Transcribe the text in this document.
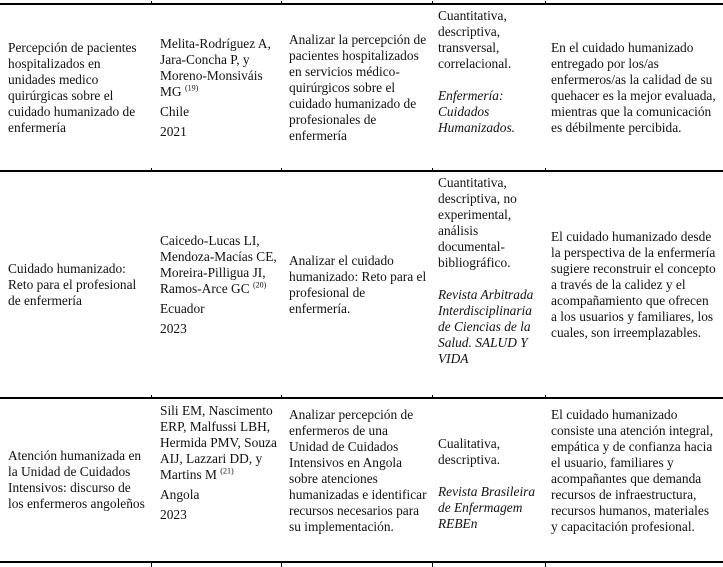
Percepción de pacientes hospitalizados en unidades medico quirúrgicas sobre el cuidado humanizado de enfermería

Melita-Rodríguez A, Jara-Concha P, y Moreno-Monsiváis MG $^{(19)}$

Chile

2021

Analizar la percepción de pacientes hospitalizados en servicios médico-quirúrgicos sobre el cuidado humanizado de profesionales de enfermería

Cuantitativa, descriptiva, transversal, correlacional.

Enfermería: Cuidados Humanizados.

En el cuidado humanizado entregado por los/as enfermeros/as la calidad de su quehacer es la mejor evaluada, mientras que la comunicación es débilmente percibida.

Cuidado humanizado: Reto para el profesional de enfermería

Caicedo-Lucas LI, Mendoza-Macías CE, Moreira-Pilligua JI, Ramos-Arce GC $^{(20)}$

Ecuador

2023

Analizar el cuidado humanizado: Reto para el profesional de enfermería.

Cuantitativa, descriptiva, no experimental, análisis documental-bibliográfico.

Revista Arbitrada Interdisciplinaria de Ciencias de la Salud. SALUD Y VIDA

El cuidado humanizado desde la perspectiva de la enfermería sugiere reconstruir el concepto a través de la calidez y el acompañamiento que ofrecen a los usuarios y familiares, los cuales, son irreemplazables.

Atención humanizada en la Unidad de Cuidados Intensivos: discurso de los enfermeros angoleños

Sili EM, Nascimento ERP, Malfussi LBH, Hermida PMV, Souza AIJ, Lazzari DD, y Martins M $^{(21)}$

Angola

2023

Analizar percepción de enfermeros de una Unidad de Cuidados Intensivos en Angola sobre atenciones humanizadas e identificar recursos necesarios para su implementación.

Cualitativa, descriptiva.

Revista Brasileira de Enfermagem REBEn

El cuidado humanizado consiste una atención integral, empática y de confianza hacia el usuario, familiares y acompañantes que demanda recursos de infraestructura, recursos humanos, materiales y capacitación profesional.
